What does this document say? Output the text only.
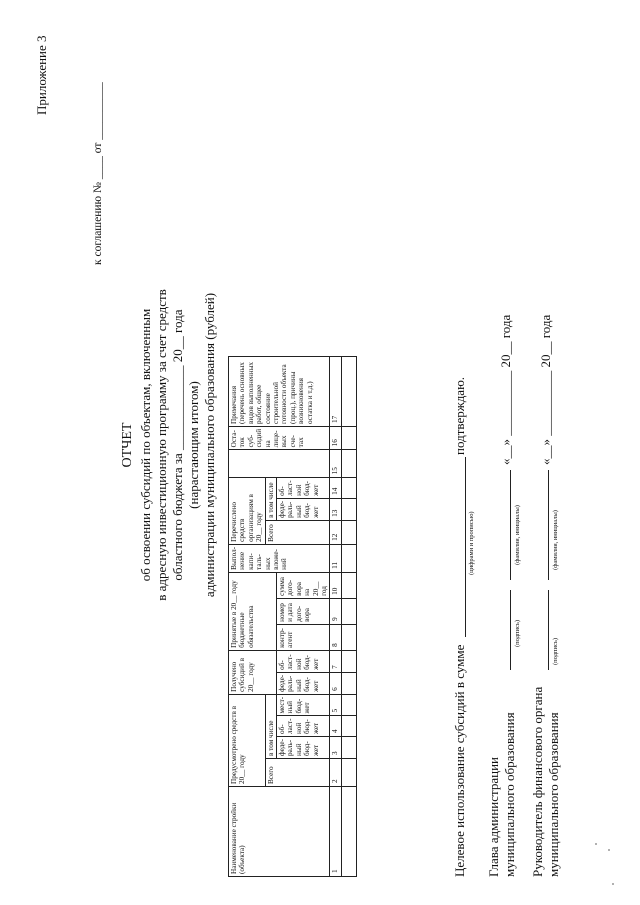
Приложение 3
к соглашению № ____ от __________
ОТЧЕТ об освоении субсидий по объектам, включенным в адресную инвестиционную программу за счет средств областного бюджета за _____________ 20__ года (нарастающим итогом) администрации муниципального образования (рублей)
Наименование стройки (объекта)	Предусмотрено средств в 20__ году				Получено субсидий в 20__ году		Принятые в 20__ году бюджетные обязательства			Выпол-нение капи-таль-ных вложе-ний	Перечислено средств организациям в 20__ году				Оста-ток суб-сидий на лице-вых сче-тах	Примечания (перечень основных видов выполненных работ, общее состояние строительной готовности объекта (проц.), причины возникновения остатка и т.д.)
	Всего	в том числе									Всего	в том числе				
		феде-раль-ный бюд-жет	об-ласт-ной бюд-жет	мест-ный бюд-жет	феде-раль-ный бюд-жет	об-ласт-ной бюд-жет	контр-агент	номер и дата дого-вора	сумма дого-вора на 20__ год			феде-раль-ный бюд-жет	об-ласт-ной бюд-жет			
1	2	3	4	5	6	7	8	9	10	11	12	13	14	15	16	17

Целевое использование субсидий в сумме
(цифрами и прописью)
подтверждаю.
Глава администрации муниципального образования
(подпись)
(фамилия, инициалы)
«__» __________ 20__ года
Руководитель финансового органа муниципального образования
(подпись)
(фамилия, инициалы)
«__» __________ 20__ года
